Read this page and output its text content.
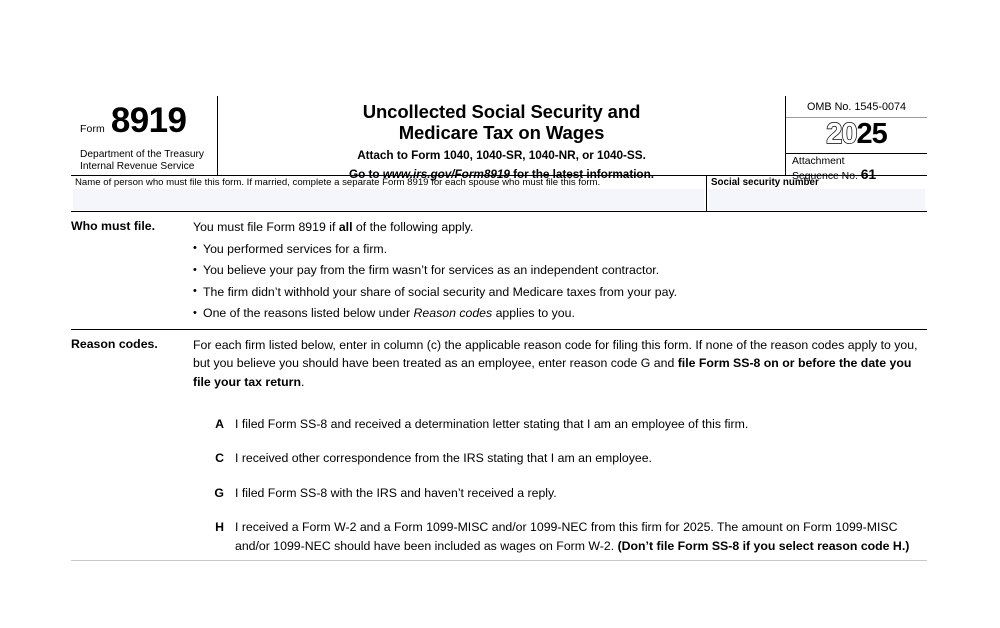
Form 8919
Department of the Treasury
Internal Revenue Service
Uncollected Social Security and
Medicare Tax on Wages
Attach to Form 1040, 1040-SR, 1040-NR, or 1040-SS.
Go to www.irs.gov/Form8919 for the latest information.
OMB No. 1545-0074
2025
Attachment
Sequence No. 61
Name of person who must file this form. If married, complete a separate Form 8919 for each spouse who must file this form.	Social security number
Who must file.	You must file Form 8919 if all of the following apply.

• You performed services for a firm.
• You believe your pay from the firm wasn’t for services as an independent contractor.
• The firm didn’t withhold your share of social security and Medicare taxes from your pay.
• One of the reasons listed below under Reason codes applies to you.
Reason codes.	For each firm listed below, enter in column (c) the applicable reason code for filing this form. If none of the reason codes apply to you, but you believe you should have been treated as an employee, enter reason code G and file Form SS-8 on or before the date you file your tax return.

A I filed Form SS-8 and received a determination letter stating that I am an employee of this firm.
C I received other correspondence from the IRS stating that I am an employee.
G I filed Form SS-8 with the IRS and haven’t received a reply.
H I received a Form W-2 and a Form 1099-MISC and/or 1099-NEC from this firm for 2025. The amount on Form 1099-MISC and/or 1099-NEC should have been included as wages on Form W-2. (Don’t file Form SS-8 if you select reason code H.)
